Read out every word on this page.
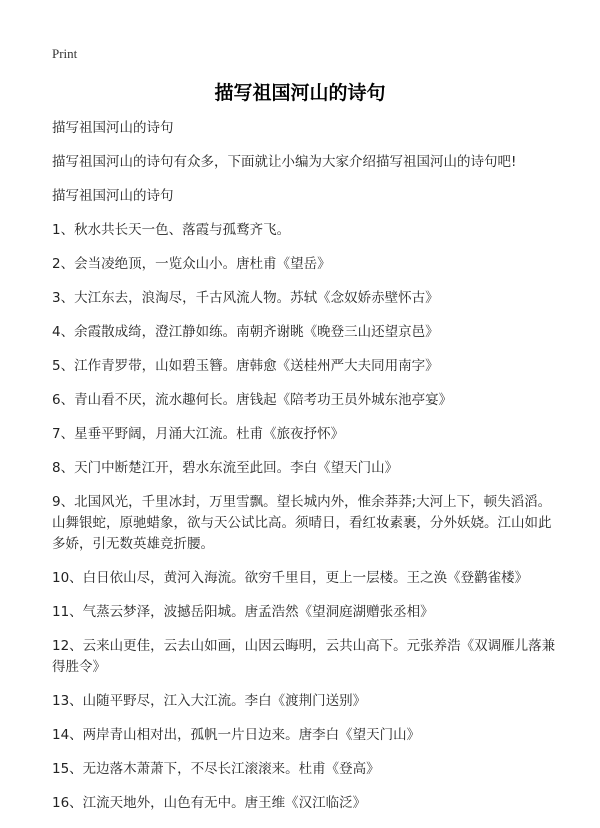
Print
描写祖国河山的诗句
描写祖国河山的诗句
描写祖国河山的诗句有众多，下面就让小编为大家介绍描写祖国河山的诗句吧!
描写祖国河山的诗句
1、秋水共长天一色、落霞与孤鹜齐飞。
2、会当凌绝顶，一览众山小。唐杜甫《望岳》
3、大江东去，浪淘尽，千古风流人物。苏轼《念奴娇赤壁怀古》
4、余霞散成绮，澄江静如练。南朝齐谢眺《晚登三山还望京邑》
5、江作青罗带，山如碧玉簪。唐韩愈《送桂州严大夫同用南字》
6、青山看不厌，流水趣何长。唐钱起《陪考功王员外城东池亭宴》
7、星垂平野阔，月涌大江流。杜甫《旅夜抒怀》
8、天门中断楚江开，碧水东流至此回。李白《望天门山》
9、北国风光，千里冰封，万里雪飘。望长城内外，惟余莽莽;大河上下，顿失滔滔。山舞银蛇，原驰蜡象，欲与天公试比高。须晴日，看红妆素裹，分外妖娆。江山如此多娇，引无数英雄竞折腰。
10、白日依山尽，黄河入海流。欲穷千里目，更上一层楼。王之涣《登鹳雀楼》
11、气蒸云梦泽，波撼岳阳城。唐孟浩然《望洞庭湖赠张丞相》
12、云来山更佳，云去山如画，山因云晦明，云共山高下。元张养浩《双调雁儿落兼得胜令》
13、山随平野尽，江入大江流。李白《渡荆门送别》
14、两岸青山相对出，孤帆一片日边来。唐李白《望天门山》
15、无边落木萧萧下，不尽长江滚滚来。杜甫《登高》
16、江流天地外，山色有无中。唐王维《汉江临泛》
